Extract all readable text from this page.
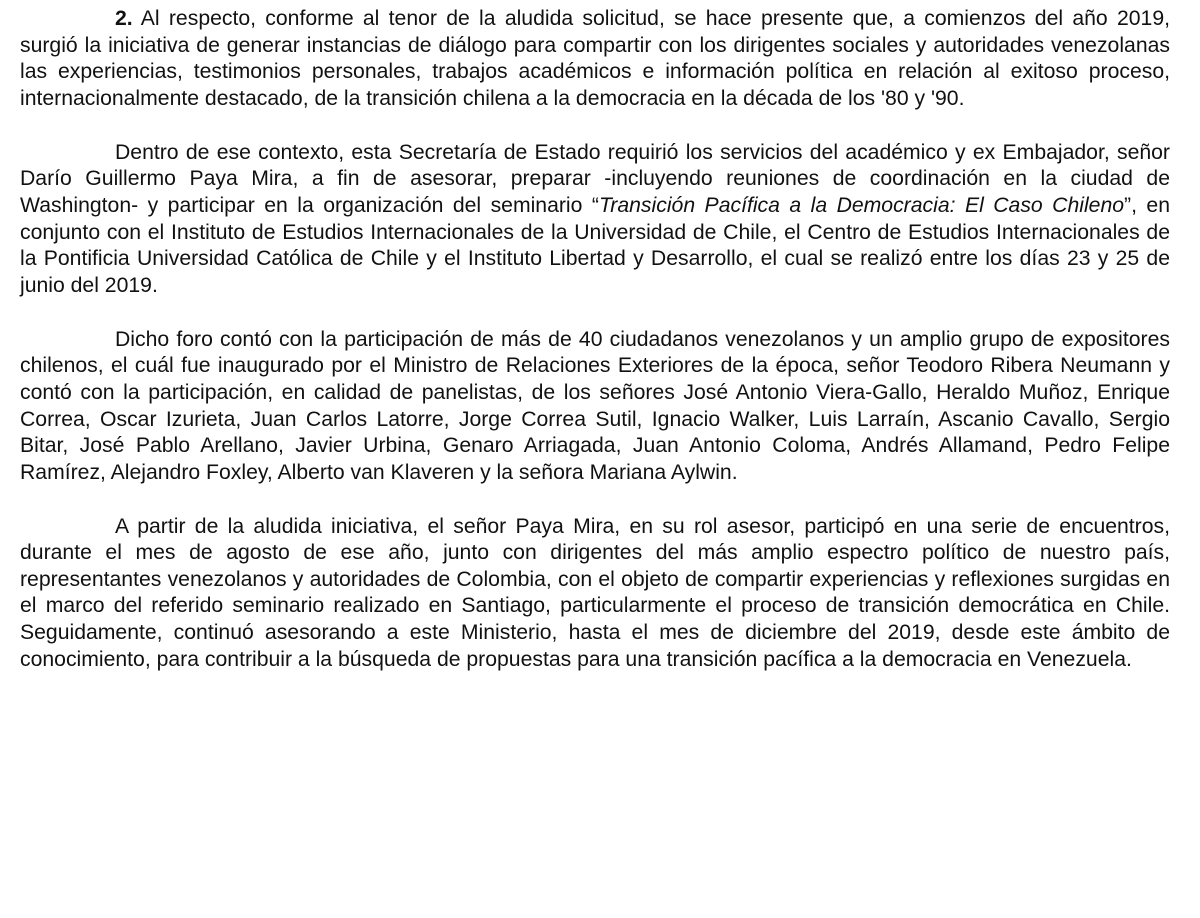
2. Al respecto, conforme al tenor de la aludida solicitud, se hace presente que, a comienzos del año 2019, surgió la iniciativa de generar instancias de diálogo para compartir con los dirigentes sociales y autoridades venezolanas las experiencias, testimonios personales, trabajos académicos e información política en relación al exitoso proceso, internacionalmente destacado, de la transición chilena a la democracia en la década de los '80 y '90.

Dentro de ese contexto, esta Secretaría de Estado requirió los servicios del académico y ex Embajador, señor Darío Guillermo Paya Mira, a fin de asesorar, preparar -incluyendo reuniones de coordinación en la ciudad de Washington- y participar en la organización del seminario “Transición Pacífica a la Democracia: El Caso Chileno”, en conjunto con el Instituto de Estudios Internacionales de la Universidad de Chile, el Centro de Estudios Internacionales de la Pontificia Universidad Católica de Chile y el Instituto Libertad y Desarrollo, el cual se realizó entre los días 23 y 25 de junio del 2019.

Dicho foro contó con la participación de más de 40 ciudadanos venezolanos y un amplio grupo de expositores chilenos, el cuál fue inaugurado por el Ministro de Relaciones Exteriores de la época, señor Teodoro Ribera Neumann y contó con la participación, en calidad de panelistas, de los señores José Antonio Viera-Gallo, Heraldo Muñoz, Enrique Correa, Oscar Izurieta, Juan Carlos Latorre, Jorge Correa Sutil, Ignacio Walker, Luis Larraín, Ascanio Cavallo, Sergio Bitar, José Pablo Arellano, Javier Urbina, Genaro Arriagada, Juan Antonio Coloma, Andrés Allamand, Pedro Felipe Ramírez, Alejandro Foxley, Alberto van Klaveren y la señora Mariana Aylwin.

A partir de la aludida iniciativa, el señor Paya Mira, en su rol asesor, participó en una serie de encuentros, durante el mes de agosto de ese año, junto con dirigentes del más amplio espectro político de nuestro país, representantes venezolanos y autoridades de Colombia, con el objeto de compartir experiencias y reflexiones surgidas en el marco del referido seminario realizado en Santiago, particularmente el proceso de transición democrática en Chile. Seguidamente, continuó asesorando a este Ministerio, hasta el mes de diciembre del 2019, desde este ámbito de conocimiento, para contribuir a la búsqueda de propuestas para una transición pacífica a la democracia en Venezuela.
